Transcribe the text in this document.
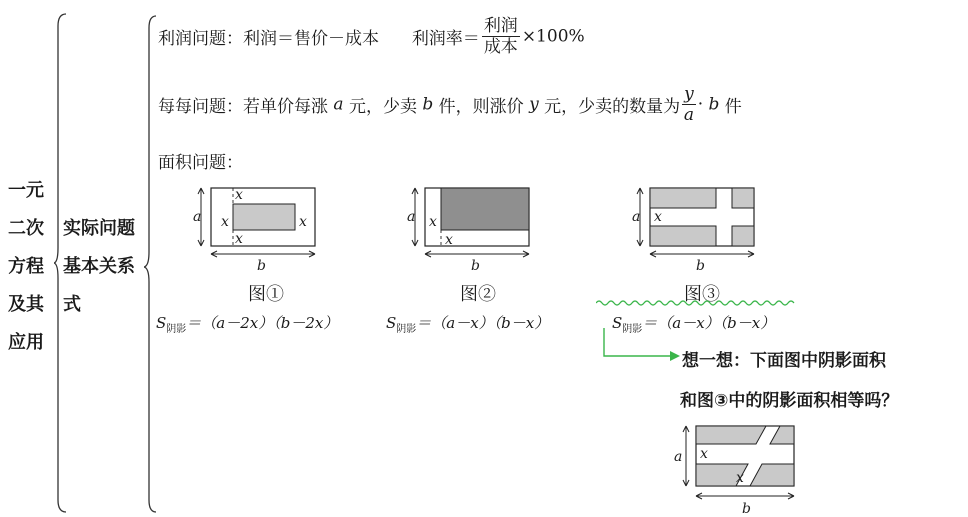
一元
二次
方程
及其
应用
实际问题
基本关系
式
利润问题：利润＝售价－成本 利润率＝ $\frac{\text{利润}}{\text{成本}} \times 100\%$
每每问题：若单价每涨 a 元，少卖 b 件，则涨价 y 元，少卖的数量为 $\frac{y}{a} \cdot b$ 件
面积问题：
a
b
x
x	x
x
a
b
x
x
a
b
x
图①	图②	图③
$S_{阴影}=(a-2x)(b-2x)$	$S_{阴影}=(a-x)(b-x)$	$S_{阴影}=(a-x)(b-x)$
想一想：下面图中阴影面积
和图③中的阴影面积相等吗？
a
b
x
x
